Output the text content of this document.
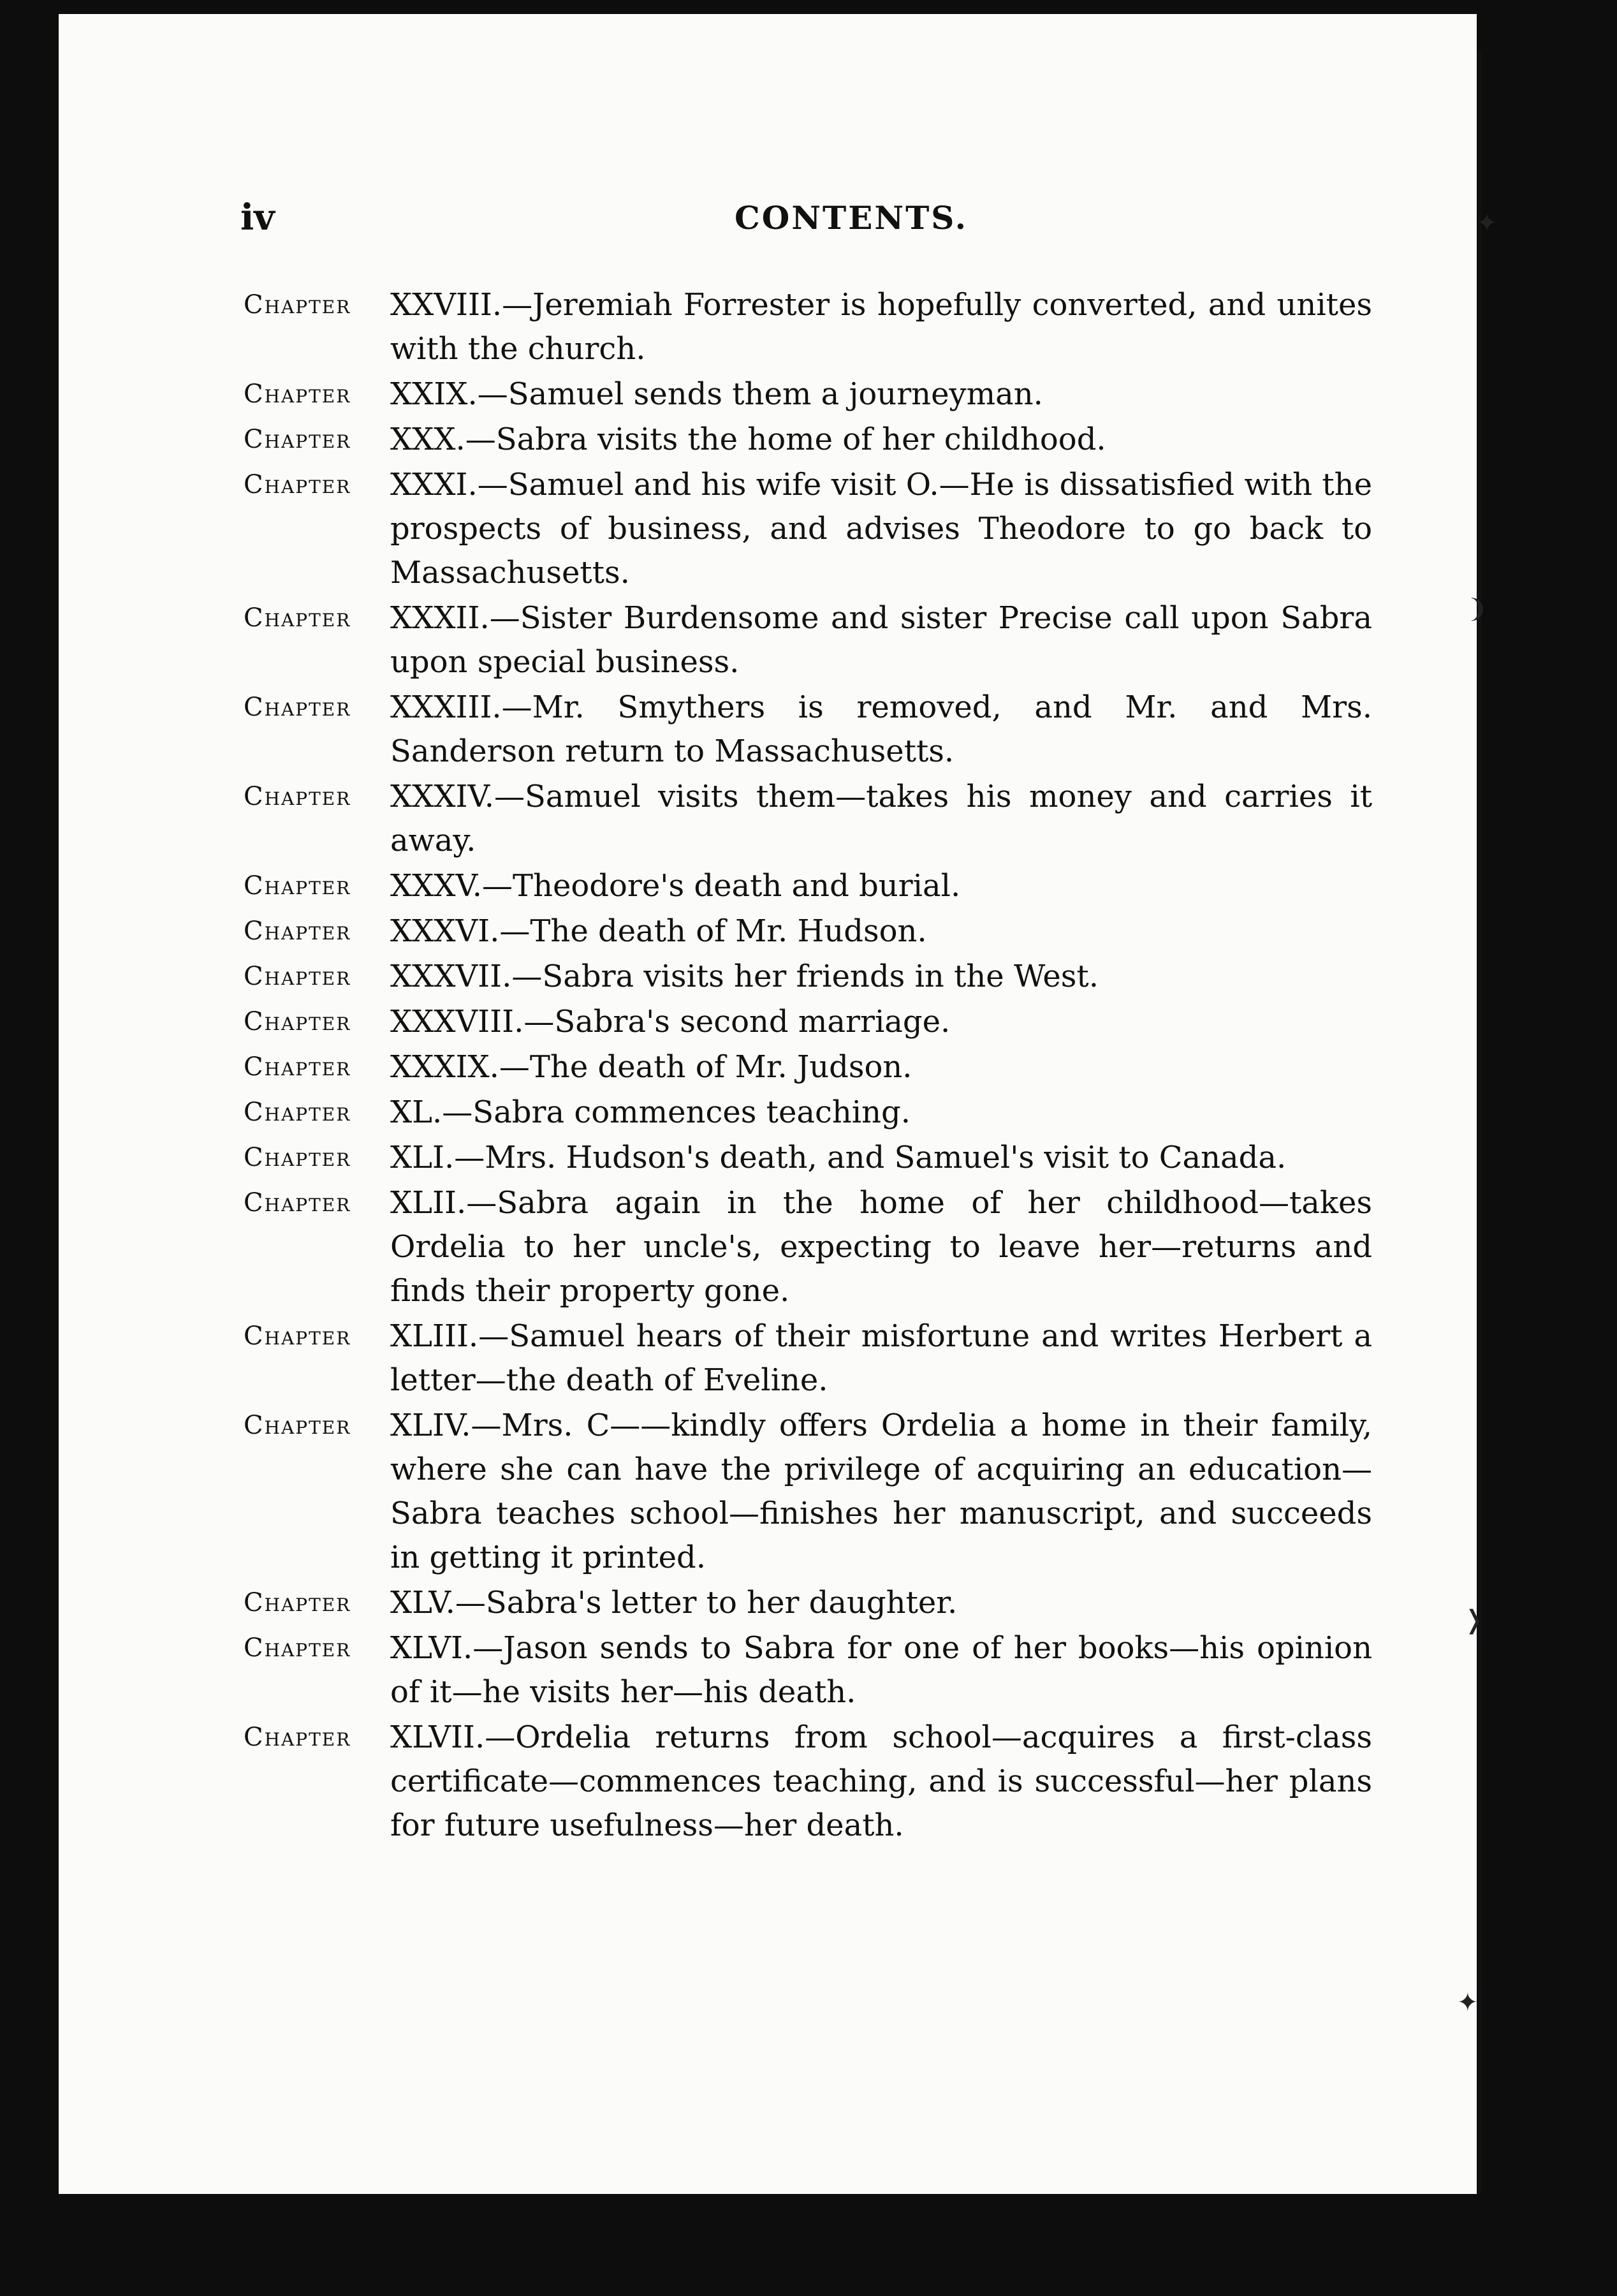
iv	CONTENTS.
Chapter XXVIII.—Jeremiah Forrester is hopefully converted, and unites with the church.
Chapter XXIX.—Samuel sends them a journeyman.
Chapter XXX.—Sabra visits the home of her childhood.
Chapter XXXI.—Samuel and his wife visit O.—He is dissatisfied with the prospects of business, and advises Theodore to go back to Massachusetts.
Chapter XXXII.—Sister Burdensome and sister Precise call upon Sabra upon special business.
Chapter XXXIII.—Mr. Smythers is removed, and Mr. and Mrs. Sanderson return to Massachusetts.
Chapter XXXIV.—Samuel visits them—takes his money and carries it away.
Chapter XXXV.—Theodore's death and burial.
Chapter XXXVI.—The death of Mr. Hudson.
Chapter XXXVII.—Sabra visits her friends in the West.
Chapter XXXVIII.—Sabra's second marriage.
Chapter XXXIX.—The death of Mr. Judson.
Chapter XL.—Sabra commences teaching.
Chapter XLI.—Mrs. Hudson's death, and Samuel's visit to Canada.
Chapter XLII.—Sabra again in the home of her childhood—takes Ordelia to her uncle's, expecting to leave her—returns and finds their property gone.
Chapter XLIII.—Samuel hears of their misfortune and writes Herbert a letter—the death of Eveline.
Chapter XLIV.—Mrs. C——kindly offers Ordelia a home in their family, where she can have the privilege of acquiring an education—Sabra teaches school—finishes her manuscript, and succeeds in getting it printed.
Chapter XLV.—Sabra's letter to her daughter.
Chapter XLVI.—Jason sends to Sabra for one of her books—his opinion of it—he visits her—his death.
Chapter XLVII.—Ordelia returns from school—acquires a first-class certificate—commences teaching, and is successful—her plans for future usefulness—her death.
✦
❩
❭
✦
